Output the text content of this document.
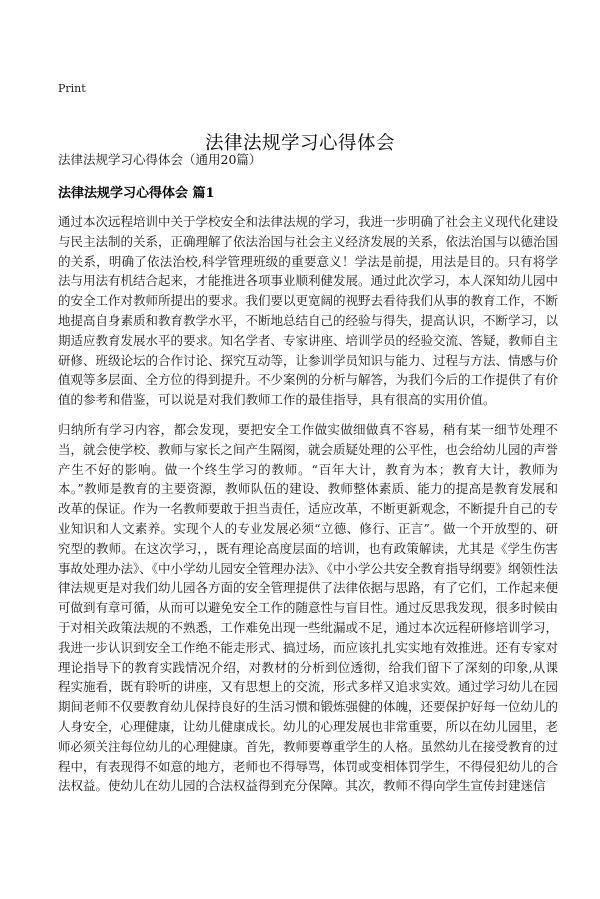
Print
法律法规学习心得体会
法律法规学习心得体会（通用20篇）
法律法规学习心得体会 篇1

通过本次远程培训中关于学校安全和法律法规的学习，我进一步明确了社会主义现代化建设与民主法制的关系，正确理解了依法治国与社会主义经济发展的关系，依法治国与以德治国的关系，明确了依法治校,科学管理班级的重要意义！学法是前提，用法是目的。只有将学法与用法有机结合起来，才能推进各项事业顺利健发展。通过此次学习，本人深知幼儿园中的安全工作对教师所提出的要求。我们要以更宽阔的视野去看待我们从事的教育工作，不断地提高自身素质和教育教学水平，不断地总结自己的经验与得失，提高认识，不断学习，以期适应教育发展水平的要求。知名学者、专家讲座、培训学员的经验交流、答疑，教师自主研修、班级论坛的合作讨论、探究互动等，让参训学员知识与能力、过程与方法、情感与价值观等多层面、全方位的得到提升。不少案例的分析与解答，为我们今后的工作提供了有价值的参考和借鉴，可以说是对我们教师工作的最佳指导，具有很高的实用价值。

归纳所有学习内容，都会发现，要把安全工作做实做细做真不容易，稍有某一细节处理不当，就会使学校、教师与家长之间产生隔阂，就会质疑处理的公平性，也会给幼儿园的声誉产生不好的影响。做一个终生学习的教师。“百年大计，教育为本；教育大计，教师为本。”教师是教育的主要资源，教师队伍的建设、教师整体素质、能力的提高是教育发展和改革的保证。作为一名教师要敢于担当责任，适应改革，不断更新观念，不断提升自己的专业知识和人文素养。实现个人的专业发展必须“立德、修行、正言”。做一个开放型的、研究型的教师。在这次学习，，既有理论高度层面的培训，也有政策解读，尤其是《学生伤害事故处理办法》、《中小学幼儿园安全管理办法》、《中小学公共安全教育指导纲要》纲领性法律法规更是对我们幼儿园各方面的安全管理提供了法律依据与思路，有了它们，工作起来便可做到有章可循，从而可以避免安全工作的随意性与盲目性。通过反思我发现，很多时候由于对相关政策法规的不熟悉，工作难免出现一些纰漏或不足，通过本次远程研修培训学习，我进一步认识到安全工作绝不能走形式、搞过场，而应该扎扎实实地有效推进。还有专家对理论指导下的教育实践情况介绍，对教材的分析到位透彻，给我们留下了深刻的印象,从课程实施看，既有聆听的讲座，又有思想上的交流，形式多样又追求实效。通过学习幼儿在园期间老师不仅要教育幼儿保持良好的生活习惯和锻炼强健的体魄，还要保护好每一位幼儿的人身安全，心理健康，让幼儿健康成长。幼儿的心理发展也非常重要，所以在幼儿园里，老师必须关注每位幼儿的心理健康。首先，教师要尊重学生的人格。虽然幼儿在接受教育的过程中，有表现得不如意的地方，老师也不得辱骂，体罚或变相体罚学生，不得侵犯幼儿的合法权益。使幼儿在幼儿园的合法权益得到充分保障。其次，教师不得向学生宣传封建迷信
